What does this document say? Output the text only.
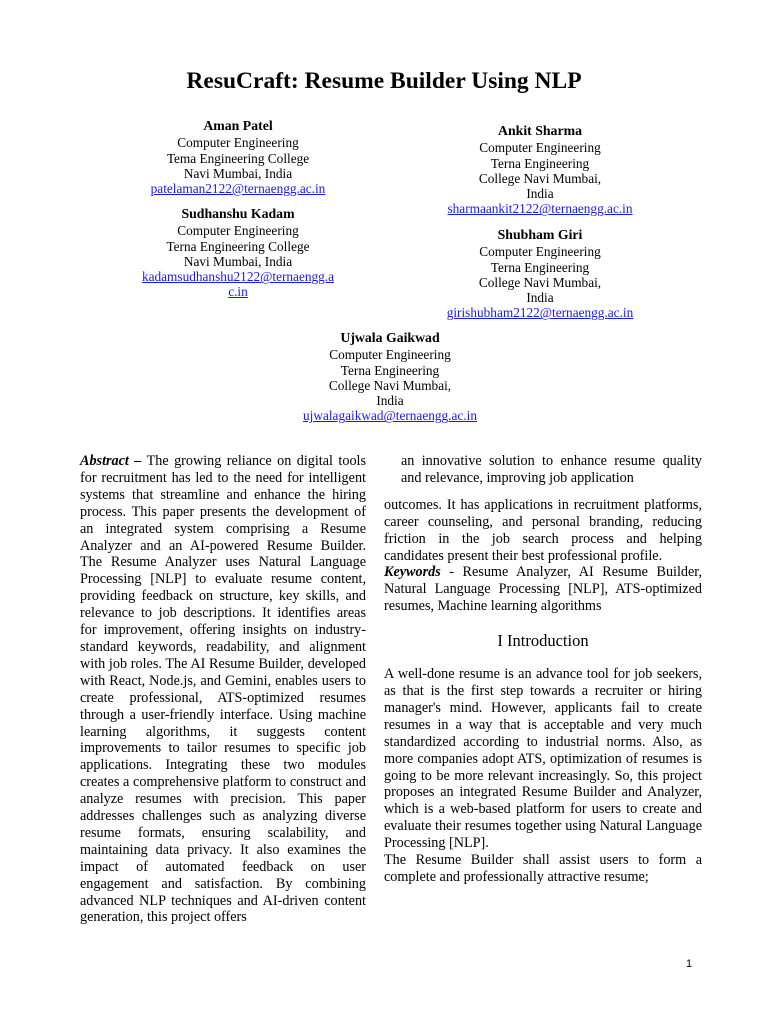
ResuCraft: Resume Builder Using NLP
Aman Patel
Computer Engineering
Tema Engineering College
Navi Mumbai, India
patelaman2122@ternaengg.ac.in
Sudhanshu Kadam
Computer Engineering
Terna Engineering College
Navi Mumbai, India
kadamsudhanshu2122@ternaengg.a
c.in
Ankit Sharma
Computer Engineering
Terna Engineering
College Navi Mumbai,
India
sharmaankit2122@ternaengg.ac.in
Shubham Giri
Computer Engineering
Terna Engineering
College Navi Mumbai,
India
girishubham2122@ternaengg.ac.in
Ujwala Gaikwad
Computer Engineering
Terna Engineering
College Navi Mumbai,
India
ujwalagaikwad@ternaengg.ac.in

Abstract – The growing reliance on digital tools for recruitment has led to the need for intelligent systems that streamline and enhance the hiring process. This paper presents the development of an integrated system comprising a Resume Analyzer and an AI-powered Resume Builder. The Resume Analyzer uses Natural Language Processing [NLP] to evaluate resume content, providing feedback on structure, key skills, and relevance to job descriptions. It identifies areas for improvement, offering insights on industry-standard keywords, readability, and alignment with job roles. The AI Resume Builder, developed with React, Node.js, and Gemini, enables users to create professional, ATS-optimized resumes through a user-friendly interface. Using machine learning algorithms, it suggests content improvements to tailor resumes to specific job applications. Integrating these two modules creates a comprehensive platform to construct and analyze resumes with precision. This paper addresses challenges such as analyzing diverse resume formats, ensuring scalability, and maintaining data privacy. It also examines the impact of automated feedback on user engagement and satisfaction. By combining advanced NLP techniques and AI-driven content generation, this project offers

an innovative solution to enhance resume quality and relevance, improving job application

outcomes. It has applications in recruitment platforms, career counseling, and personal branding, reducing friction in the job search process and helping candidates present their best professional profile.

Keywords - Resume Analyzer, AI Resume Builder, Natural Language Processing [NLP], ATS-optimized resumes, Machine learning algorithms

I Introduction

A well-done resume is an advance tool for job seekers, as that is the first step towards a recruiter or hiring manager's mind. However, applicants fail to create resumes in a way that is acceptable and very much standardized according to industrial norms. Also, as more companies adopt ATS, optimization of resumes is going to be more relevant increasingly. So, this project proposes an integrated Resume Builder and Analyzer, which is a web-based platform for users to create and evaluate their resumes together using Natural Language Processing [NLP].

The Resume Builder shall assist users to form a complete and professionally attractive resume;

1
